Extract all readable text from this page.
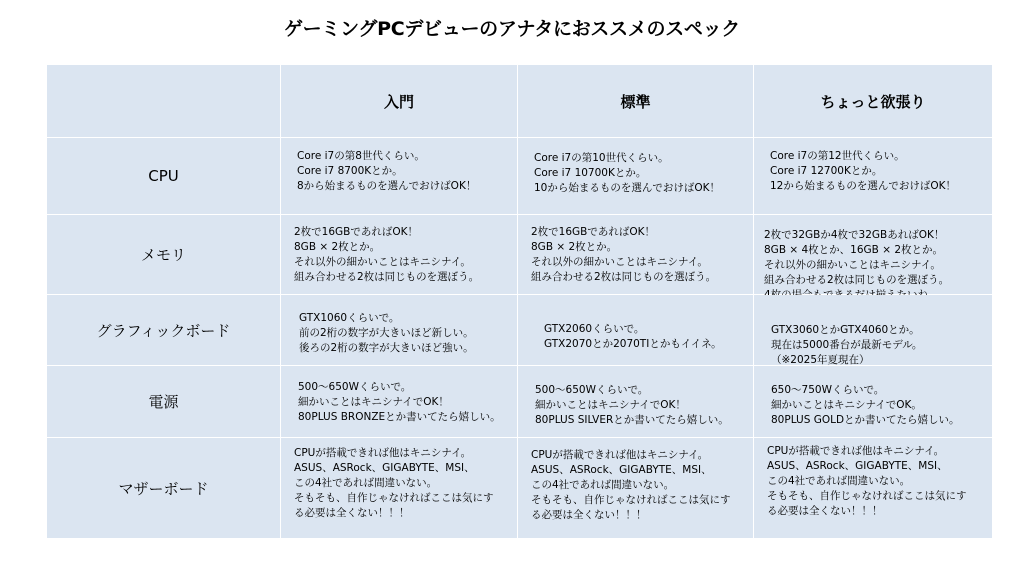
ゲーミングPCデビューのアナタにおススメのスペック
入門	標準	ちょっと欲張り
CPU
Core i7の第8世代くらい。
Core i7 8700Kとか。
8から始まるものを選んでおけばOK！
Core i7の第10世代くらい。
Core i7 10700Kとか。
10から始まるものを選んでおけばOK！
Core i7の第12世代くらい。
Core i7 12700Kとか。
12から始まるものを選んでおけばOK！
メモリ
2枚で16GBであればOK！
8GB × 2枚とか。
それ以外の細かいことはキニシナイ。
組み合わせる2枚は同じものを選ぼう。
2枚で16GBであればOK！
8GB × 2枚とか。
それ以外の細かいことはキニシナイ。
組み合わせる2枚は同じものを選ぼう。
2枚で32GBか4枚で32GBあればOK！
8GB × 4枚とか、16GB × 2枚とか。
それ以外の細かいことはキニシナイ。
組み合わせる2枚は同じものを選ぼう。
グラフィックボード
GTX1060くらいで。
前の2桁の数字が大きいほど新しい。
後ろの2桁の数字が大きいほど強い。
GTX2060くらいで。
GTX2070とか2070TIとかもイイネ。
GTX3060とかGTX4060とか。
現在は5000番台が最新モデル。
（※2025年夏現在）
電源
500～650Wくらいで。
細かいことはキニシナイでOK！
80PLUS BRONZEとか書いてたら嬉しい。
500～650Wくらいで。
細かいことはキニシナイでOK！
80PLUS SILVERとか書いてたら嬉しい。
650～750Wくらいで。
細かいことはキニシナイでOK。
80PLUS GOLDとか書いてたら嬉しい。
マザーボード
CPUが搭載できれば他はキニシナイ。
ASUS、ASRock、GIGABYTE、MSI、
この4社であれば間違いない。
そもそも、自作じゃなければここは気にす
る必要は全くない！！！
CPUが搭載できれば他はキニシナイ。
ASUS、ASRock、GIGABYTE、MSI、
この4社であれば間違いない。
そもそも、自作じゃなければここは気にす
る必要は全くない！！！
CPUが搭載できれば他はキニシナイ。
ASUS、ASRock、GIGABYTE、MSI、
この4社であれば間違いない。
そもそも、自作じゃなければここは気にす
る必要は全くない！！！
